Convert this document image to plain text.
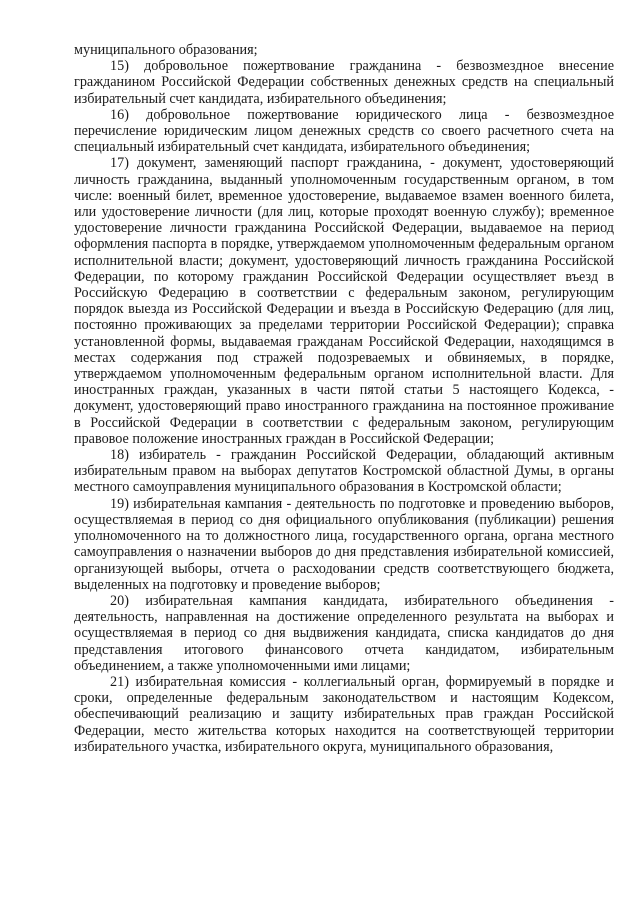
муниципального образования;

15) добровольное пожертвование гражданина - безвозмездное внесение гражданином Российской Федерации собственных денежных средств на специальный избирательный счет кандидата, избирательного объединения;

16) добровольное пожертвование юридического лица - безвозмездное перечисление юридическим лицом денежных средств со своего расчетного счета на специальный избирательный счет кандидата, избирательного объединения;

17) документ, заменяющий паспорт гражданина, - документ, удостоверяющий личность гражданина, выданный уполномоченным государственным органом, в том числе: военный билет, временное удостоверение, выдаваемое взамен военного билета, или удостоверение личности (для лиц, которые проходят военную службу); временное удостоверение личности гражданина Российской Федерации, выдаваемое на период оформления паспорта в порядке, утверждаемом уполномоченным федеральным органом исполнительной власти; документ, удостоверяющий личность гражданина Российской Федерации, по которому гражданин Российской Федерации осуществляет въезд в Российскую Федерацию в соответствии с федеральным законом, регулирующим порядок выезда из Российской Федерации и въезда в Российскую Федерацию (для лиц, постоянно проживающих за пределами территории Российской Федерации); справка установленной формы, выдаваемая гражданам Российской Федерации, находящимся в местах содержания под стражей подозреваемых и обвиняемых, в порядке, утверждаемом уполномоченным федеральным органом исполнительной власти. Для иностранных граждан, указанных в части пятой статьи 5 настоящего Кодекса, - документ, удостоверяющий право иностранного гражданина на постоянное проживание в Российской Федерации в соответствии с федеральным законом, регулирующим правовое положение иностранных граждан в Российской Федерации;

18) избиратель - гражданин Российской Федерации, обладающий активным избирательным правом на выборах депутатов Костромской областной Думы, в органы местного самоуправления муниципального образования в Костромской области;

19) избирательная кампания - деятельность по подготовке и проведению выборов, осуществляемая в период со дня официального опубликования (публикации) решения уполномоченного на то должностного лица, государственного органа, органа местного самоуправления о назначении выборов до дня представления избирательной комиссией, организующей выборы, отчета о расходовании средств соответствующего бюджета, выделенных на подготовку и проведение выборов;

20) избирательная кампания кандидата, избирательного объединения - деятельность, направленная на достижение определенного результата на выборах и осуществляемая в период со дня выдвижения кандидата, списка кандидатов до дня представления итогового финансового отчета кандидатом, избирательным объединением, а также уполномоченными ими лицами;

21) избирательная комиссия - коллегиальный орган, формируемый в порядке и сроки, определенные федеральным законодательством и настоящим Кодексом, обеспечивающий реализацию и защиту избирательных прав граждан Российской Федерации, место жительства которых находится на соответствующей территории избирательного участка, избирательного округа, муниципального образования,
